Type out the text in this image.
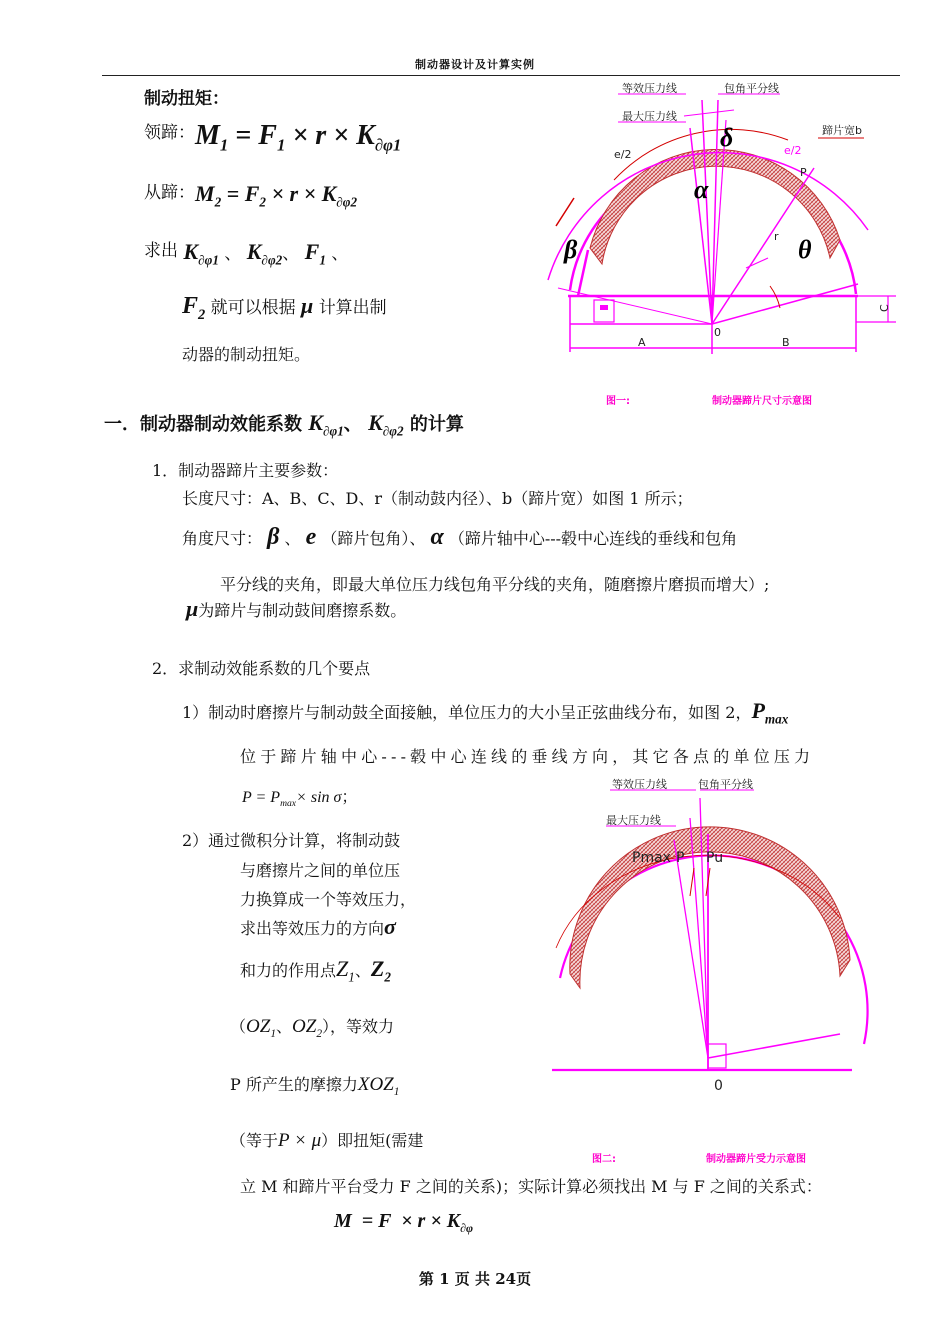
制动器设计及计算实例
制动扭矩：
领蹄：$M_1 = F_1 \times r \times K_{\partial\varphi 1}$
从蹄：$M_2 = F_2 \times r \times K_{\partial\varphi 2}$
求出 $K_{\partial\varphi 1}$ 、 $K_{\partial\varphi 2}$、 $F_1$ 、
$F_2$ 就可以根据 μ 计算出制
动器的制动扭矩。
δ
α
β	θ
等效压力线	包角平分线
最大压力线
蹄片宽b
e/2	e/2
P
r
0
A	B
C
图一:	制动器蹄片尺寸示意图
一．制动器制动效能系数 $K_{\partial\varphi 1}$、 $K_{\partial\varphi 2}$ 的计算
1．制动器蹄片主要参数：
长度尺寸：A、B、C、D、r（制动鼓内径）、b（蹄片宽）如图 1 所示；
角度尺寸： β 、 e （蹄片包角）、 α （蹄片轴中心---毂中心连线的垂线和包角
平分线的夹角，即最大单位压力线包角平分线的夹角，随磨擦片磨损而增大）;
μ为蹄片与制动鼓间磨擦系数。
2．求制动效能系数的几个要点
1）制动时磨擦片与制动鼓全面接触，单位压力的大小呈正弦曲线分布，如图 2，$P_{max}$
位于蹄片轴中心---毂中心连线的垂线方向，其它各点的单位压力
$P = P_{max}\times \sin \sigma$；
2）通过微积分计算，将制动鼓
与磨擦片之间的单位压
力换算成一个等效压力，
求出等效压力的方向σ
和力的作用点$Z_1$、$Z_2$
（$OZ_1$、$OZ_2$），等效力
P 所产生的摩擦力$XOZ_1$
（等于P × μ）即扭矩(需建
立 M 和蹄片平台受力 F 之间的关系)；实际计算必须找出 M 与 F 之间的关系式：
$M = F \times r \times K_{\partial\varphi}$
等效压力线	包角平分线
最大压力线
Pmax P Pu
0
图二:	制动器蹄片受力示意图
第 1 页 共 24页
